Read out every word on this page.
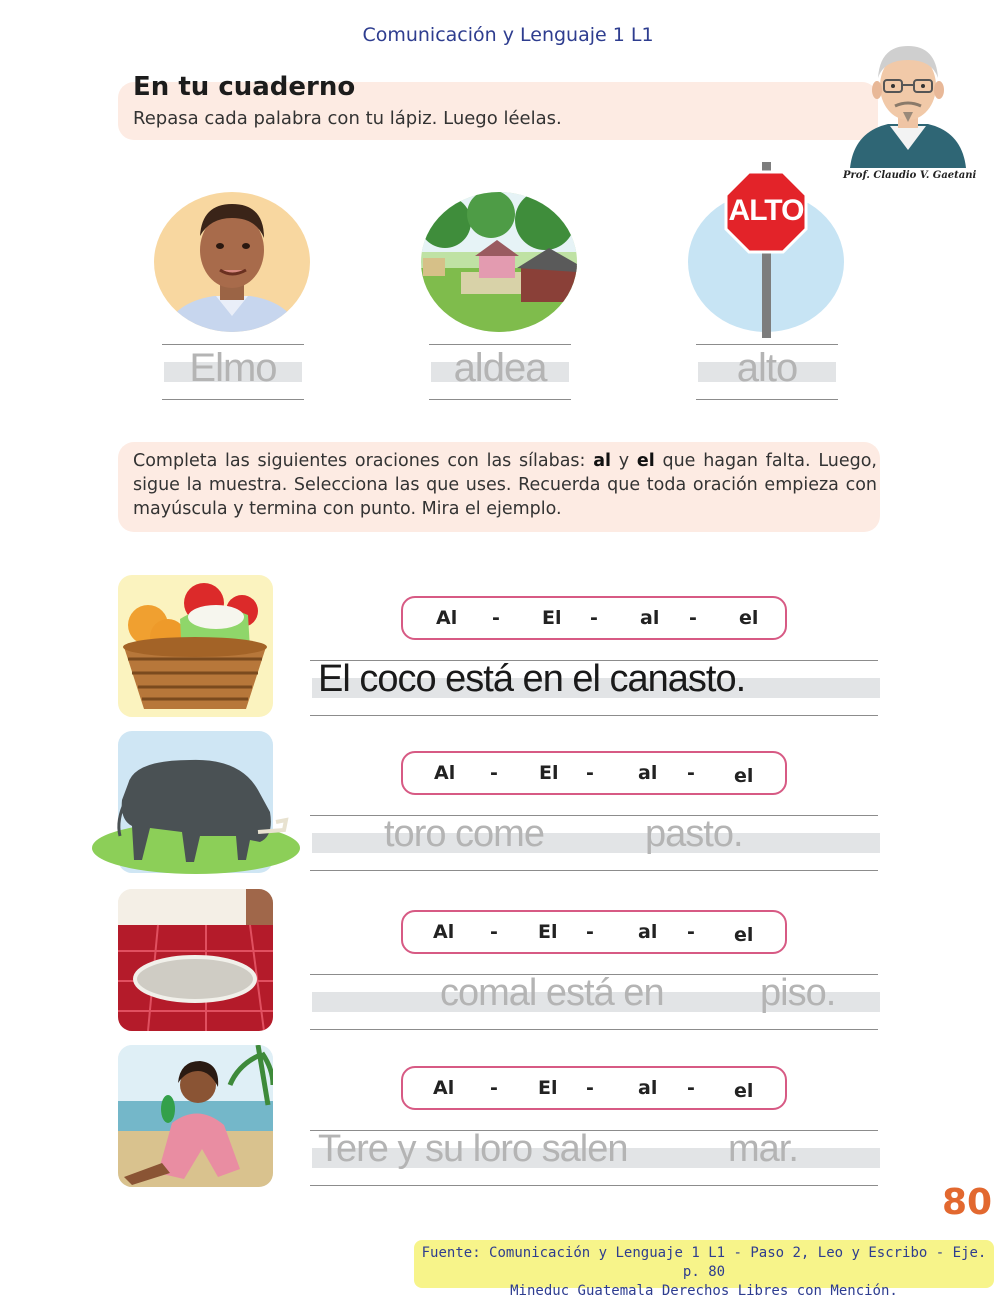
Comunicación y Lenguaje 1 L1
En tu cuaderno
Repasa cada palabra con tu lápiz. Luego léelas.
Prof. Claudio V. Gaetani
ALTO
Elmo	aldea	alto
Completa las siguientes oraciones con las sílabas: al y el que hagan falta. Luego, sigue la muestra. Selecciona las que uses. Recuerda que toda oración empieza con mayúscula y termina con punto. Mira el ejemplo.
Al - El - al - el
El coco está en el canasto.
Al - El - al - el
toro come	pasto.
Al - El - al - el
comal está en	piso.
Al - El - al - el
Tere y su loro salen	mar.
80
Fuente: Comunicación y Lenguaje 1 L1 - Paso 2, Leo y Escribo - Eje. p. 80
Mineduc Guatemala Derechos Libres con Mención.
